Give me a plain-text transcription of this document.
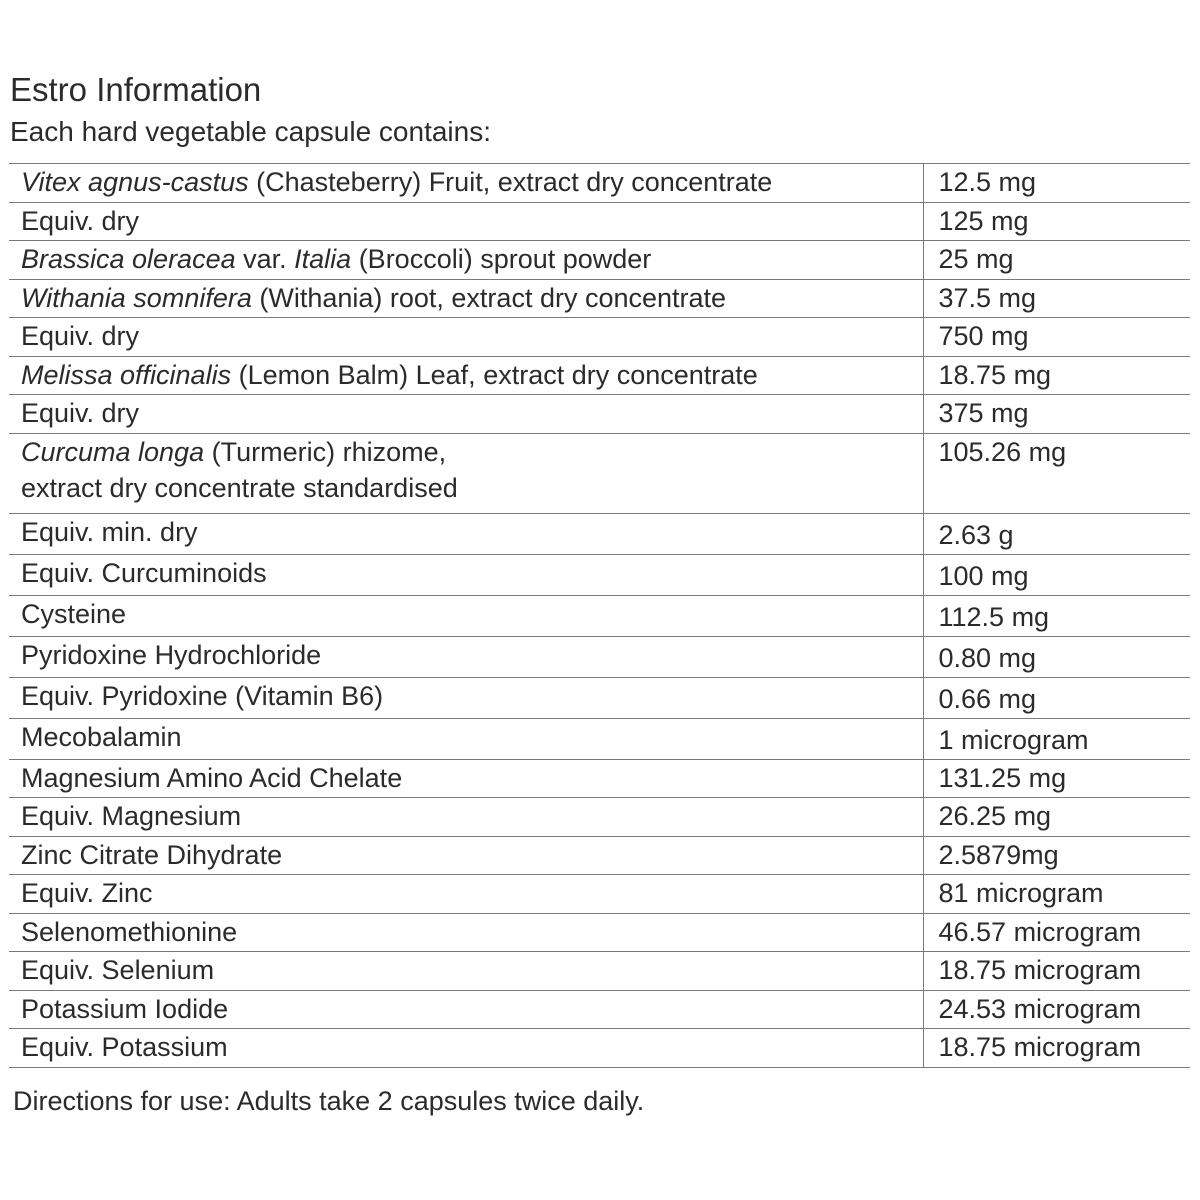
Estro Information

Each hard vegetable capsule contains:

Vitex agnus-castus (Chasteberry) Fruit, extract dry concentrate	12.5 mg
Equiv. dry	125 mg
Brassica oleracea var. Italia (Broccoli) sprout powder	25 mg
Withania somnifera (Withania) root, extract dry concentrate	37.5 mg
Equiv. dry	750 mg
Melissa officinalis (Lemon Balm) Leaf, extract dry concentrate	18.75 mg
Equiv. dry	375 mg
Curcuma longa (Turmeric) rhizome,
extract dry concentrate standardised	105.26 mg
Equiv. min. dry	2.63 g
Equiv. Curcuminoids	100 mg
Cysteine	112.5 mg
Pyridoxine Hydrochloride	0.80 mg
Equiv. Pyridoxine (Vitamin B6)	0.66 mg
Mecobalamin	1 microgram
Magnesium Amino Acid Chelate	131.25 mg
Equiv. Magnesium	26.25 mg
Zinc Citrate Dihydrate	2.5879mg
Equiv. Zinc	81 microgram
Selenomethionine	46.57 microgram
Equiv. Selenium	18.75 microgram
Potassium Iodide	24.53 microgram
Equiv. Potassium	18.75 microgram

Directions for use: Adults take 2 capsules twice daily.
